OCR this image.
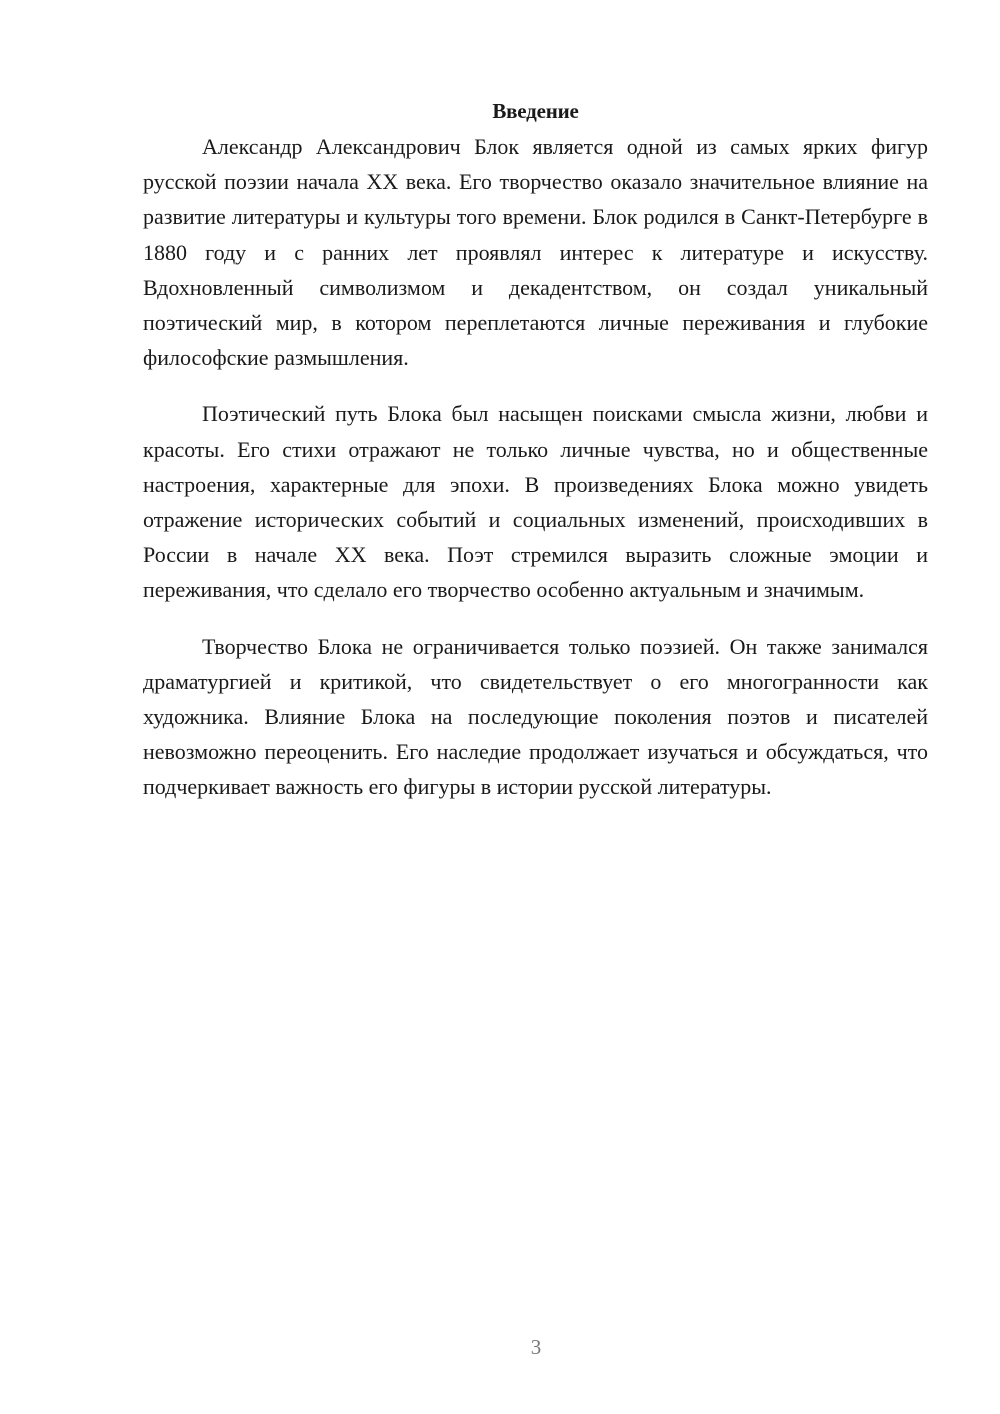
Введение

Александр Александрович Блок является одной из самых ярких фигур русской поэзии начала XX века. Его творчество оказало значительное влияние на развитие литературы и культуры того времени. Блок родился в Санкт-Петербурге в 1880 году и с ранних лет проявлял интерес к литературе и искусству. Вдохновленный символизмом и декадентством, он создал уникальный поэтический мир, в котором переплетаются личные переживания и глубокие философские размышления.

Поэтический путь Блока был насыщен поисками смысла жизни, любви и красоты. Его стихи отражают не только личные чувства, но и общественные настроения, характерные для эпохи. В произведениях Блока можно увидеть отражение исторических событий и социальных изменений, происходивших в России в начале XX века. Поэт стремился выразить сложные эмоции и переживания, что сделало его творчество особенно актуальным и значимым.

Творчество Блока не ограничивается только поэзией. Он также занимался драматургией и критикой, что свидетельствует о его многогранности как художника. Влияние Блока на последующие поколения поэтов и писателей невозможно переоценить. Его наследие продолжает изучаться и обсуждаться, что подчеркивает важность его фигуры в истории русской литературы.

3
